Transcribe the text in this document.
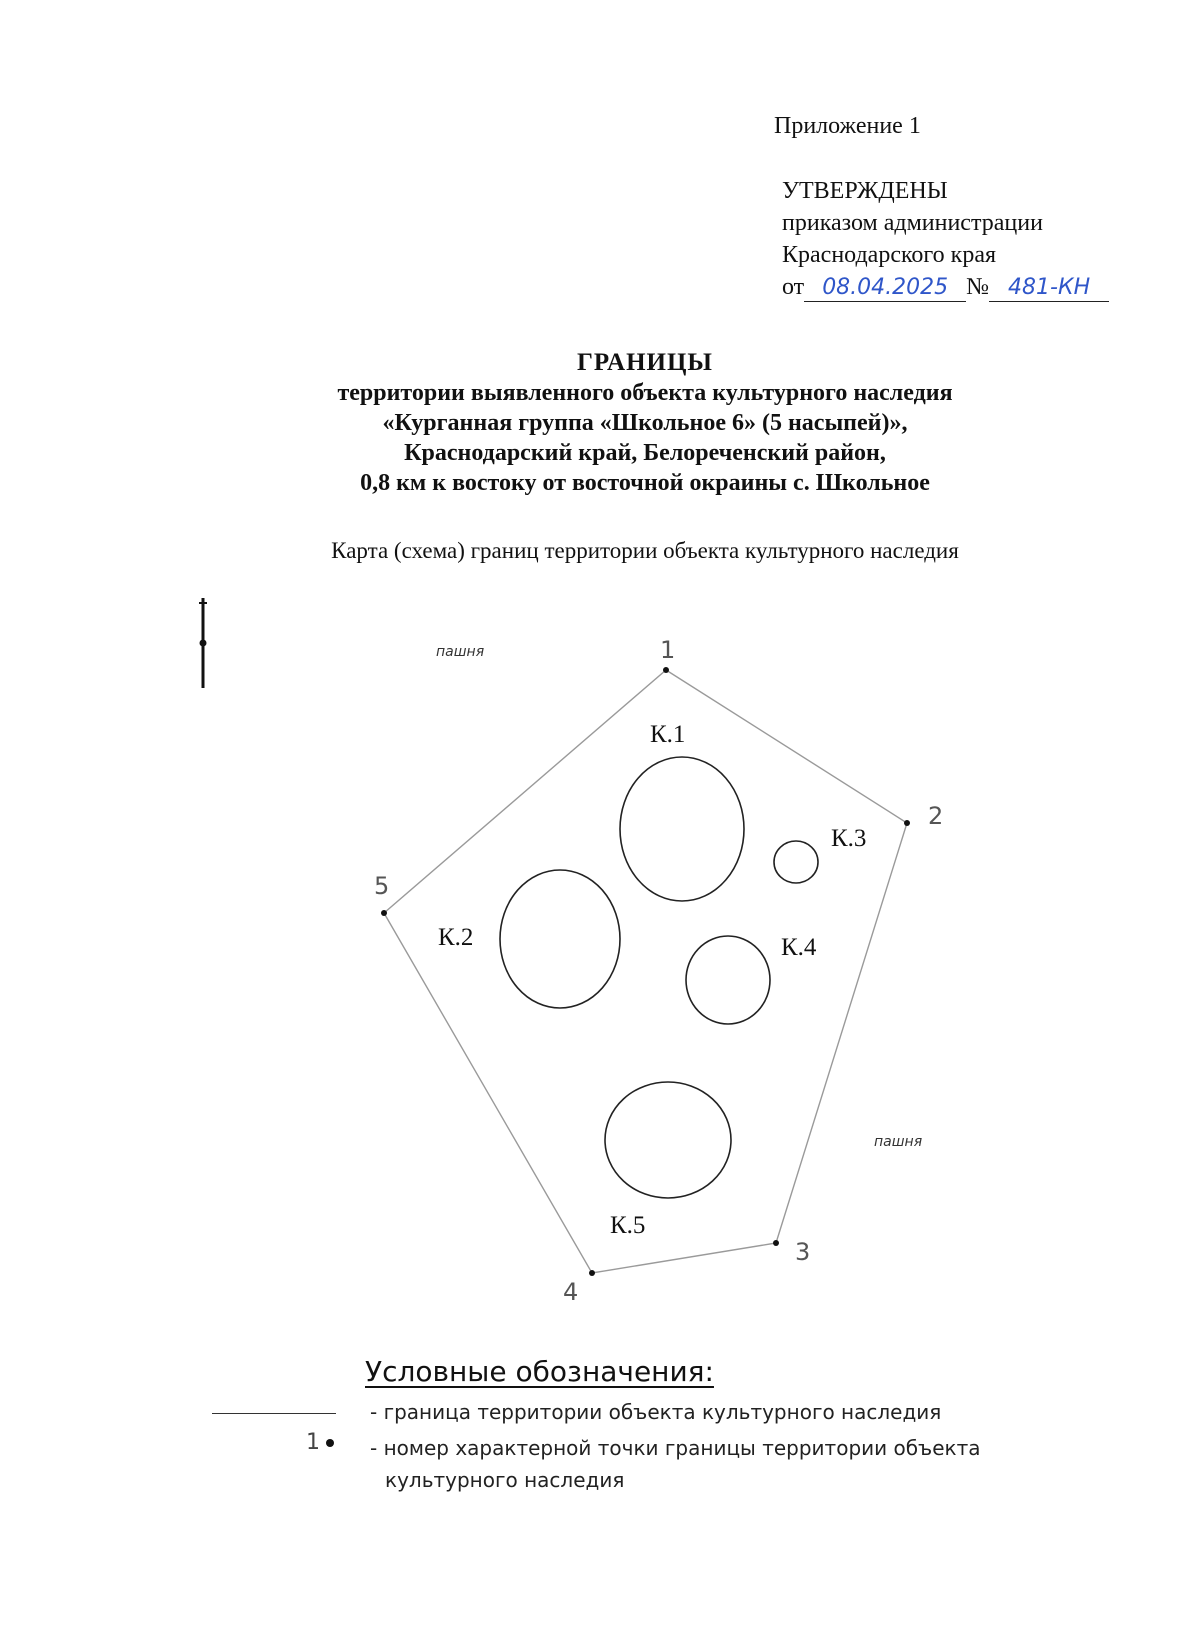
Приложение 1
УТВЕРЖДЕНЫ
приказом администрации
Краснодарского края
от 08.04.2025 № 481-КН
ГРАНИЦЫ
территории выявленного объекта культурного наследия
«Курганная группа «Школьное 6» (5 насыпей)»,
Краснодарский край, Белореченский район,
0,8 км к востоку от восточной окраины с. Школьное
Карта (схема) границ территории объекта культурного наследия
1
2
3
4
5
К.1
К.2
К.3
К.4
К.5
пашня
пашня
Условные обозначения:
- граница территории объекта культурного наследия
1	- номер характерной точки границы территории объекта
культурного наследия
